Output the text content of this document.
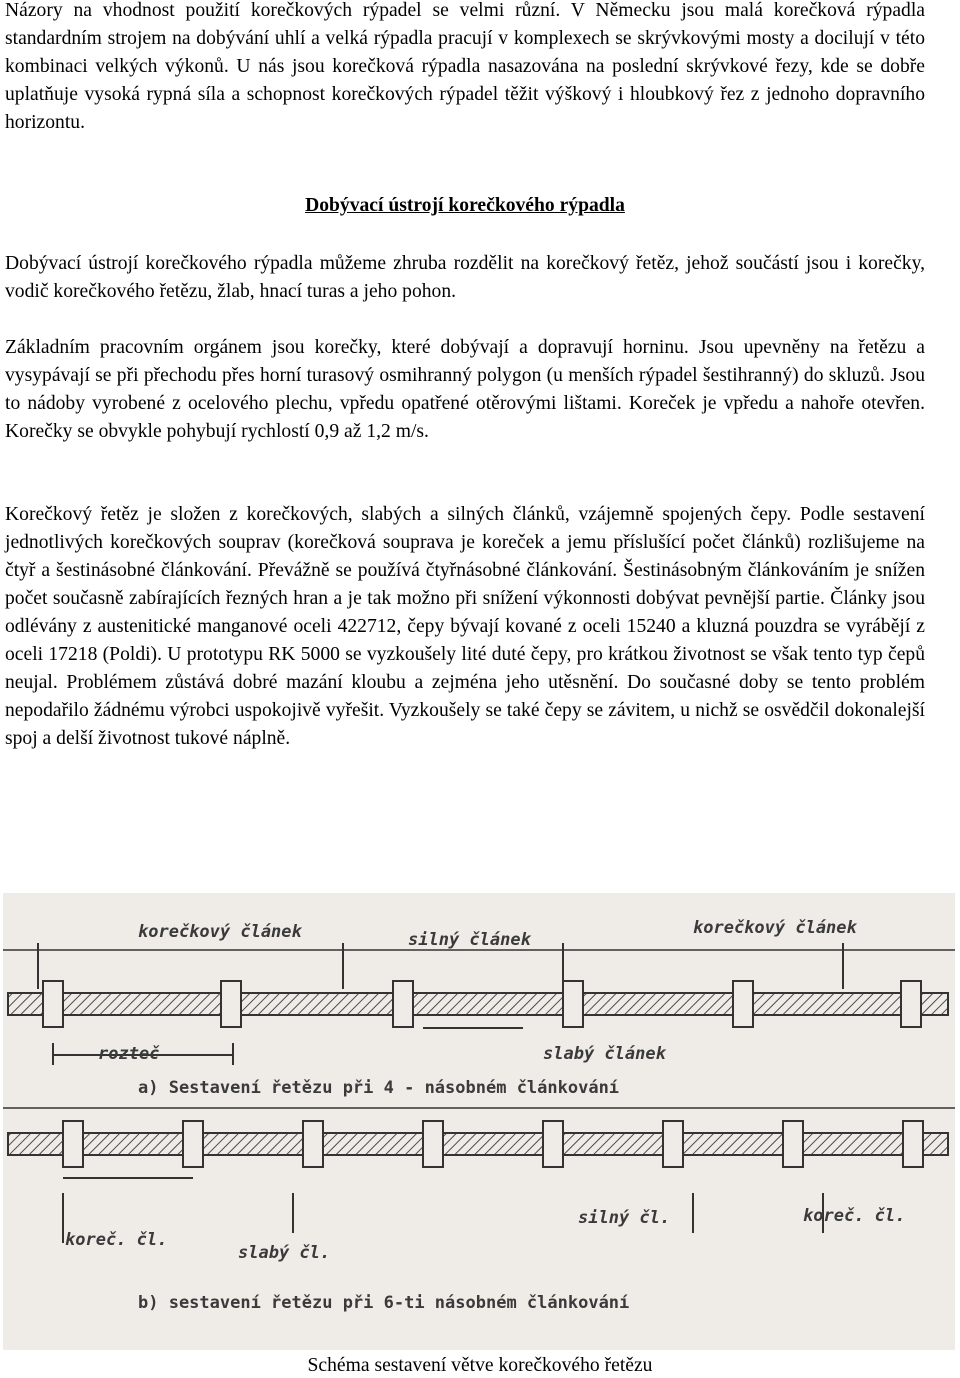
Názory na vhodnost použití korečkových rýpadel se velmi různí. V Německu jsou malá korečková rýpadla standardním strojem na dobývání uhlí a velká rýpadla pracují v komplexech se skrývkovými mosty a docilují v této kombinaci velkých výkonů. U nás jsou korečková rýpadla nasazována na poslední skrývkové řezy, kde se dobře uplatňuje vysoká rypná síla a schopnost korečkových rýpadel těžit výškový i hloubkový řez z jednoho dopravního horizontu.

Dobývací ústrojí korečkového rýpadla

Dobývací ústrojí korečkového rýpadla můžeme zhruba rozdělit na korečkový řetěz, jehož součástí jsou i korečky, vodič korečkového řetězu, žlab, hnací turas a jeho pohon.

Základním pracovním orgánem jsou korečky, které dobývají a dopravují horninu. Jsou upevněny na řetězu a vysypávají se při přechodu přes horní turasový osmihranný polygon (u menších rýpadel šestihranný) do skluzů. Jsou to nádoby vyrobené z ocelového plechu, vpředu opatřené otěrovými lištami. Koreček je vpředu a nahoře otevřen. Korečky se obvykle pohybují rychlostí 0,9 až 1,2 m/s.

Korečkový řetěz je složen z korečkových, slabých a silných článků, vzájemně spojených čepy. Podle sestavení jednotlivých korečkových souprav (korečková souprava je koreček a jemu příslušící počet článků) rozlišujeme na čtyř a šestinásobné článkování. Převážně se používá čtyřnásobné článkování. Šestinásobným článkováním je snížen počet současně zabírajících řezných hran a je tak možno při snížení výkonnosti dobývat pevnější partie. Články jsou odlévány z austenitické manganové oceli 422712, čepy bývají kované z oceli 15240 a kluzná pouzdra se vyrábějí z oceli 17218 (Poldi). U prototypu RK 5000 se vyzkoušely lité duté čepy, pro krátkou životnost se však tento typ čepů neujal. Problémem zůstává dobré mazání kloubu a zejména jeho utěsnění. Do současné doby se tento problém nepodařilo žádnému výrobci uspokojivě vyřešit. Vyzkoušely se také čepy se závitem, u nichž se osvědčil dokonalejší spoj a delší životnost tukové náplně.

korečkový článek	silný článek
korečkový článek
rozteč	slabý článek
a) Sestavení řetězu při 4 - násobném článkování
silný čl.	koreč. čl.
koreč. čl.
slabý čl.
b) sestavení řetězu při 6-ti násobném článkování
Schéma sestavení větve korečkového řetězu
